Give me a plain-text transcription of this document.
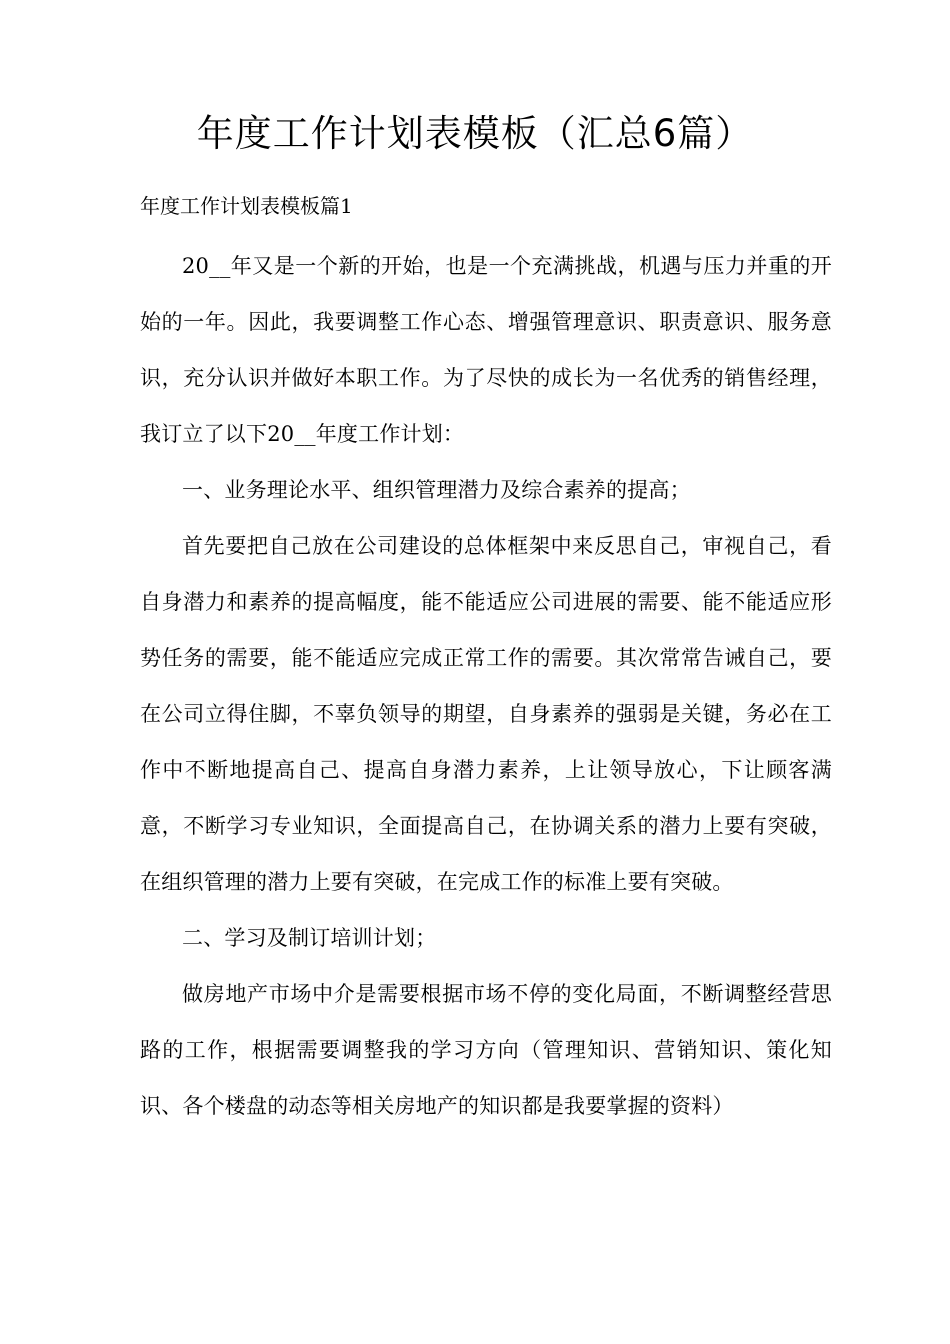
年度工作计划表模板（汇总6篇）

年度工作计划表模板篇1

20__年又是一个新的开始，也是一个充满挑战，机遇与压力并重的开始的一年。因此，我要调整工作心态、增强管理意识、职责意识、服务意识，充分认识并做好本职工作。为了尽快的成长为一名优秀的销售经理，我订立了以下20__年度工作计划：

一、业务理论水平、组织管理潜力及综合素养的提高；

首先要把自己放在公司建设的总体框架中来反思自己，审视自己，看自身潜力和素养的提高幅度，能不能适应公司进展的需要、能不能适应形势任务的需要，能不能适应完成正常工作的需要。其次常常告诫自己，要在公司立得住脚，不辜负领导的期望，自身素养的强弱是关键，务必在工作中不断地提高自己、提高自身潜力素养，上让领导放心，下让顾客满意，不断学习专业知识，全面提高自己，在协调关系的潜力上要有突破，在组织管理的潜力上要有突破，在完成工作的标准上要有突破。

二、学习及制订培训计划；

做房地产市场中介是需要根据市场不停的变化局面，不断调整经营思路的工作，根据需要调整我的学习方向（管理知识、营销知识、策化知识、各个楼盘的动态等相关房地产的知识都是我要掌握的资料）
